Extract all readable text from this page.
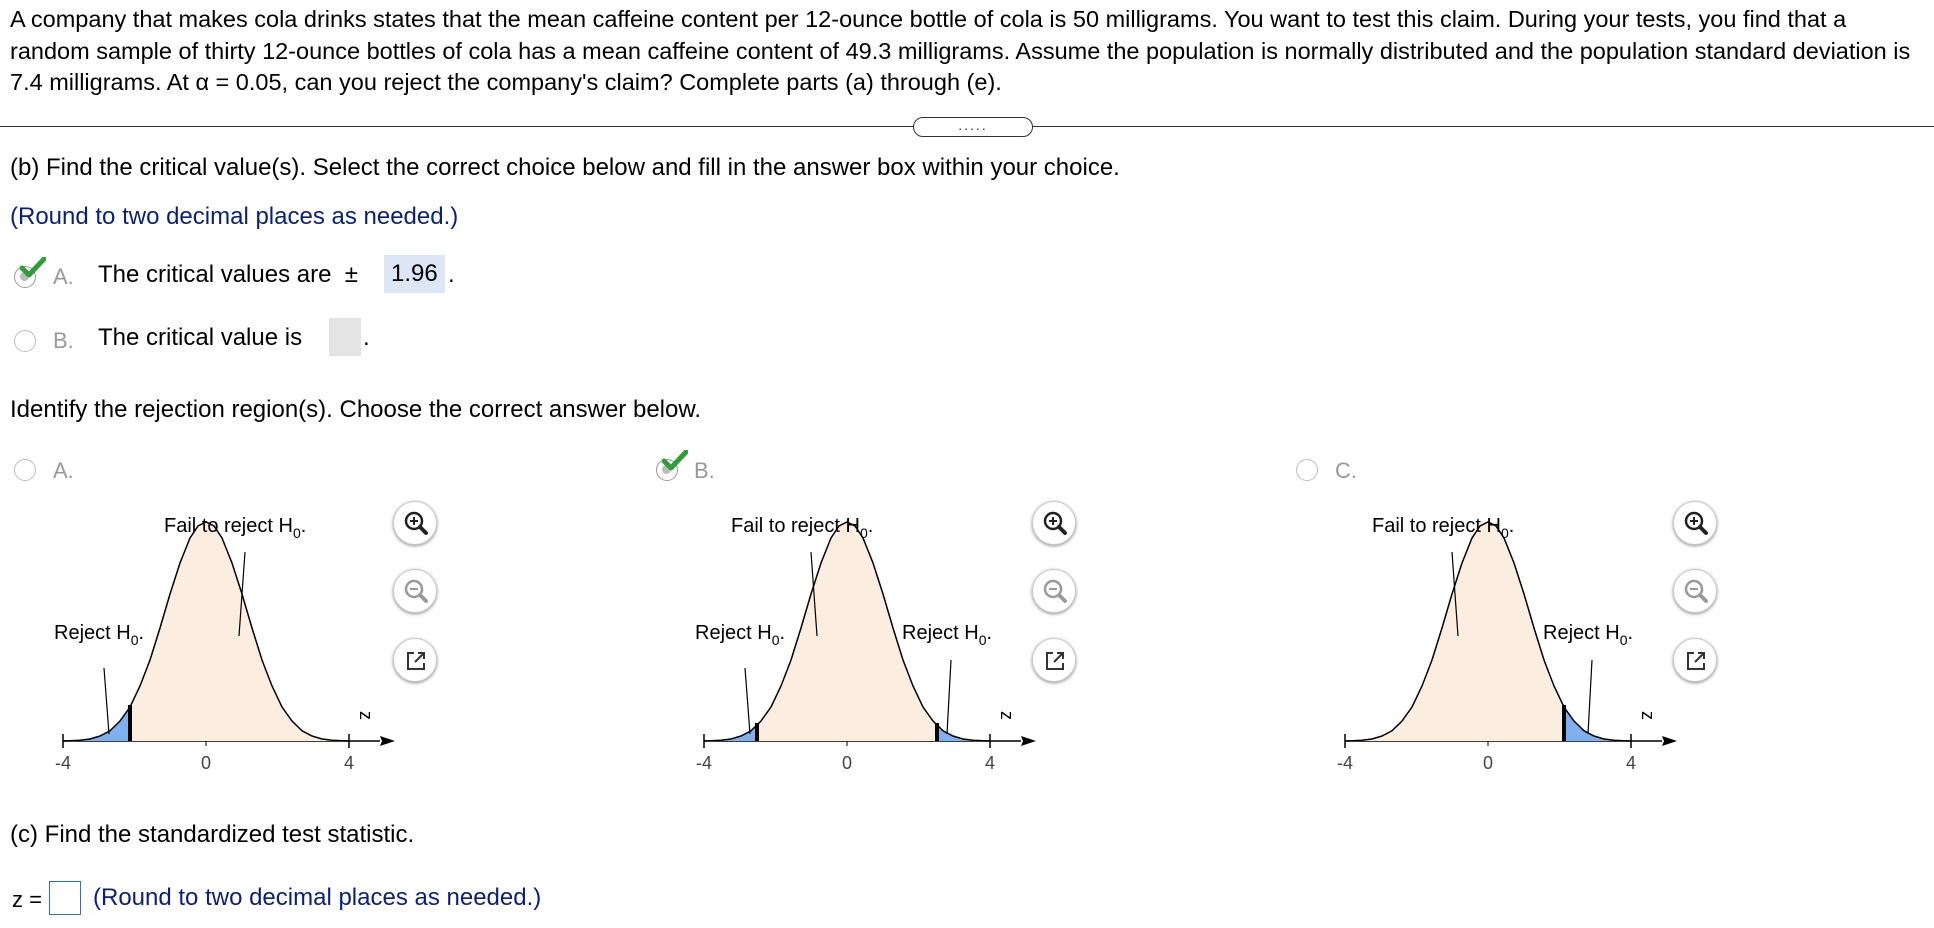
A company that makes cola drinks states that the mean caffeine content per 12-ounce bottle of cola is 50 milligrams. You want to test this claim. During your tests, you find that a random sample of thirty 12-ounce bottles of cola has a mean caffeine content of 49.3 milligrams. Assume the population is normally distributed and the population standard deviation is 7.4 milligrams. At α = 0.05, can you reject the company's claim? Complete parts (a) through (e).
.....
(b) Find the critical value(s). Select the correct choice below and fill in the answer box within your choice.
(Round to two decimal places as needed.)
A. The critical values are  ± 1.96 .
B. The critical value is	.
Identify the rejection region(s). Choose the correct answer below.
A.
Fail to reject $H_0$.
Reject $H_0$.
z
-4	0	4
B.
Fail to reject $H_0$.
Reject $H_0$.	Reject $H_0$.
z
-4	0	4
C.
Fail to reject $H_0$.
Reject $H_0$.
z
-4	0	4
(c) Find the standardized test statistic.
z = (Round to two decimal places as needed.)
